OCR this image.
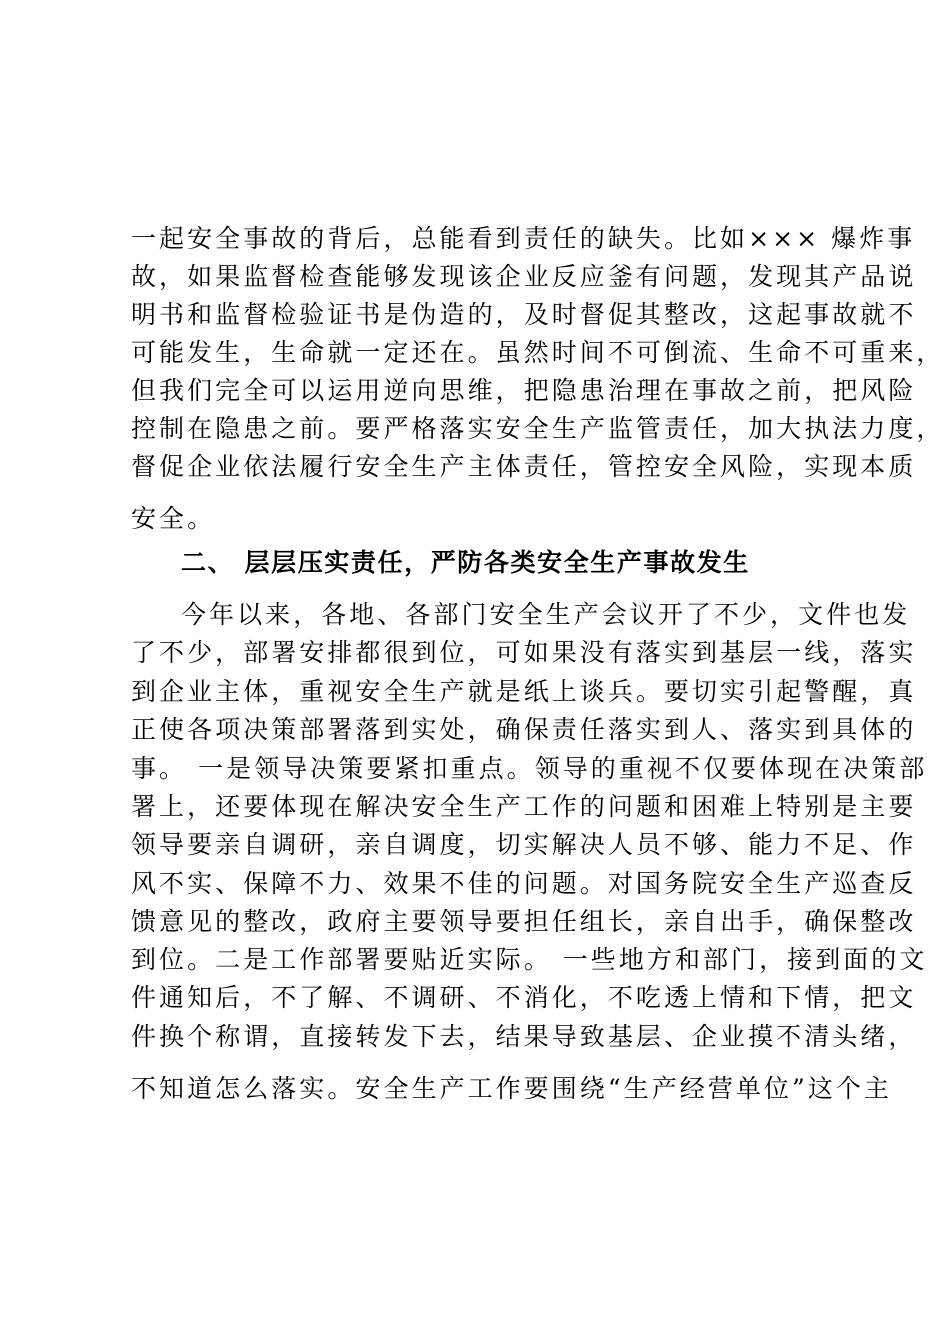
一起安全事故的背后，总能看到责任的缺失。比如××× 爆炸事
故，如果监督检查能够发现该企业反应釜有问题，发现其产品说
明书和监督检验证书是伪造的，及时督促其整改，这起事故就不
可能发生，生命就一定还在。虽然时间不可倒流、生命不可重来，
但我们完全可以运用逆向思维，把隐患治理在事故之前，把风险
控制在隐患之前。要严格落实安全生产监管责任，加大执法力度，
督促企业依法履行安全生产主体责任，管控安全风险，实现本质
安全。
二、 层层压实责任，严防各类安全生产事故发生
今年以来，各地、各部门安全生产会议开了不少，文件也发
了不少，部署安排都很到位，可如果没有落实到基层一线，落实
到企业主体，重视安全生产就是纸上谈兵。要切实引起警醒，真
正使各项决策部署落到实处，确保责任落实到人、落实到具体的
事。 一是领导决策要紧扣重点。领导的重视不仅要体现在决策部
署上，还要体现在解决安全生产工作的问题和困难上特别是主要
领导要亲自调研，亲自调度，切实解决人员不够、能力不足、作
风不实、保障不力、效果不佳的问题。对国务院安全生产巡查反
馈意见的整改，政府主要领导要担任组长，亲自出手，确保整改
到位。二是工作部署要贴近实际。 一些地方和部门，接到面的文
件通知后，不了解、不调研、不消化，不吃透上情和下情，把文
件换个称谓，直接转发下去，结果导致基层、企业摸不清头绪，
不知道怎么落实。安全生产工作要围绕“生产经营单位”这个主
